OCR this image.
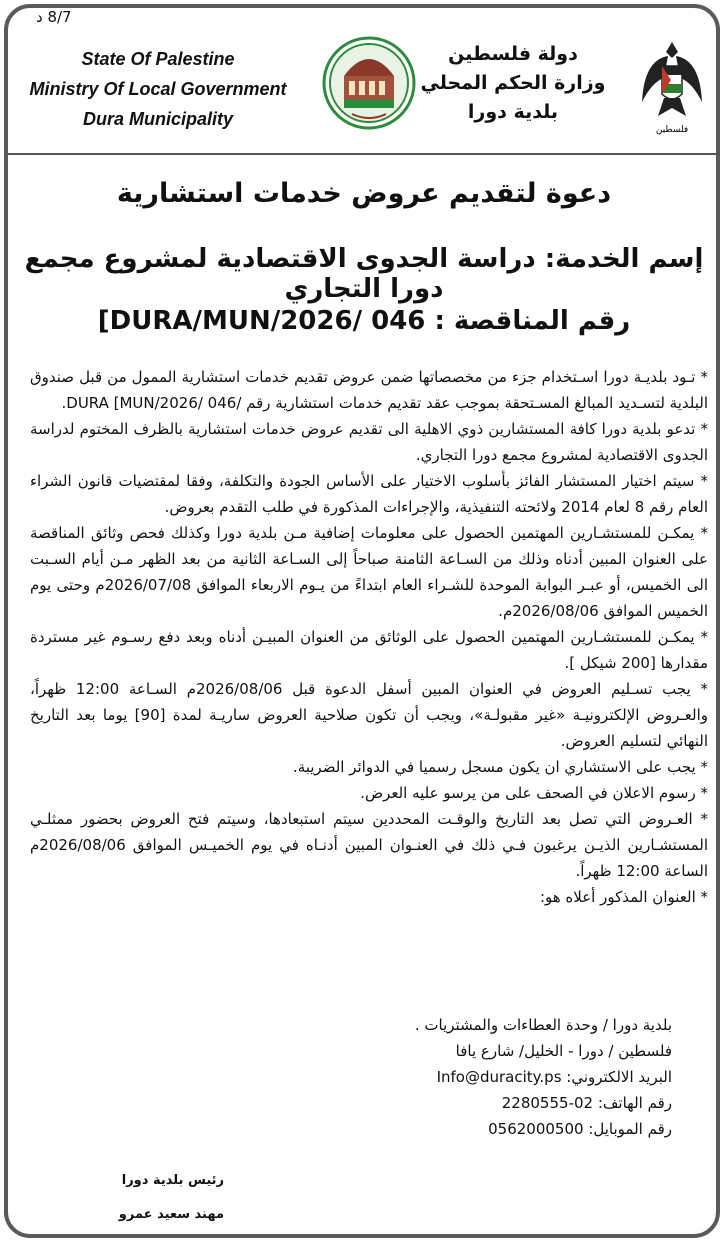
8/7 د
State Of Palestine
Ministry Of Local Government
Dura Municipality
دولة فلسطين
وزارة الحكم المحلي
بلدية دورا
فلسطين
دعوة لتقديم عروض خدمات استشارية
إسم الخدمة: دراسة الجدوى الاقتصادية لمشروع مجمع دورا التجاري
رقم المناقصة : DURA/MUN/2026/ 046]

* تـود بلديـة دورا اسـتخدام جزء من مخصصاتها ضمن عروض تقديم خدمات استشارية الممول من قبل صندوق البلدية لتسـديد المبالغ المسـتحقة بموجب عقد تقديم خدمات استشارية رقم /DURA [MUN/2026/ 046.

* تدعو بلدية دورا كافة المستشارين ذوي الاهلية الى تقديم عروض خدمات استشارية بالظرف المختوم لدراسة الجدوى الاقتصادية لمشروع مجمع دورا التجاري.

* سيتم اختيار المستشار الفائز بأسلوب الاختيار على الأساس الجودة والتكلفة، وفقا لمقتضيات قانون الشراء العام رقم 8 لعام 2014 ولائحته التنفيذية، والإجراءات المذكورة في طلب التقدم بعروض.

* يمكـن للمستشـارين المهتمين الحصول على معلومات إضافية مـن بلدية دورا وكذلك فحص وثائق المناقصة على العنوان المبين أدناه وذلك من السـاعة الثامنة صباحاً إلى السـاعة الثانية من بعد الظهر مـن أيام السـبت الى الخميس، أو عبـر البوابة الموحدة للشـراء العام ابتداءً من يـوم الاربعاء الموافق 2026/07/08م وحتى يوم الخميس الموافق 2026/08/06م.

* يمكـن للمستشـارين المهتمين الحصول على الوثائق من العنوان المبيـن أدناه وبعد دفع رسـوم غير مستردة مقدارها [200 شيكل ].

* يجب تسـليم العروض في العنوان المبين أسفل الدعوة قبل 2026/08/06م السـاعة 12:00 ظهراً، والعـروض الإلكترونيـة «غير مقبولـة»، ويجب أن تكون صلاحية العروض ساريـة لمدة [90] يوما بعد التاريخ النهائي لتسليم العروض.

* يجب على الاستشاري ان يكون مسجل رسميا في الدوائر الضريبة.

* رسوم الاعلان في الصحف على من يرسو عليه العرض.

* العـروض التي تصل بعد التاريخ والوقـت المحددين سيتم استبعادها، وسيتم فتح العروض بحضور ممثلـي المستشـارين الذيـن يرغبون فـي ذلك في العنـوان المبين أدنـاه في يوم الخميـس الموافق 2026/08/06م الساعة 12:00 ظهراً.

* العنوان المذكور أعلاه هو:

بلدية دورا / وحدة العطاءات والمشتريات .
فلسطين / دورا - الخليل/ شارع يافا
البريد الالكتروني: Info@duracity.ps
رقم الهاتف: 02-2280555
رقم الموبايل: 0562000500
رئيس بلدية دورا
مهند سعيد عمرو
